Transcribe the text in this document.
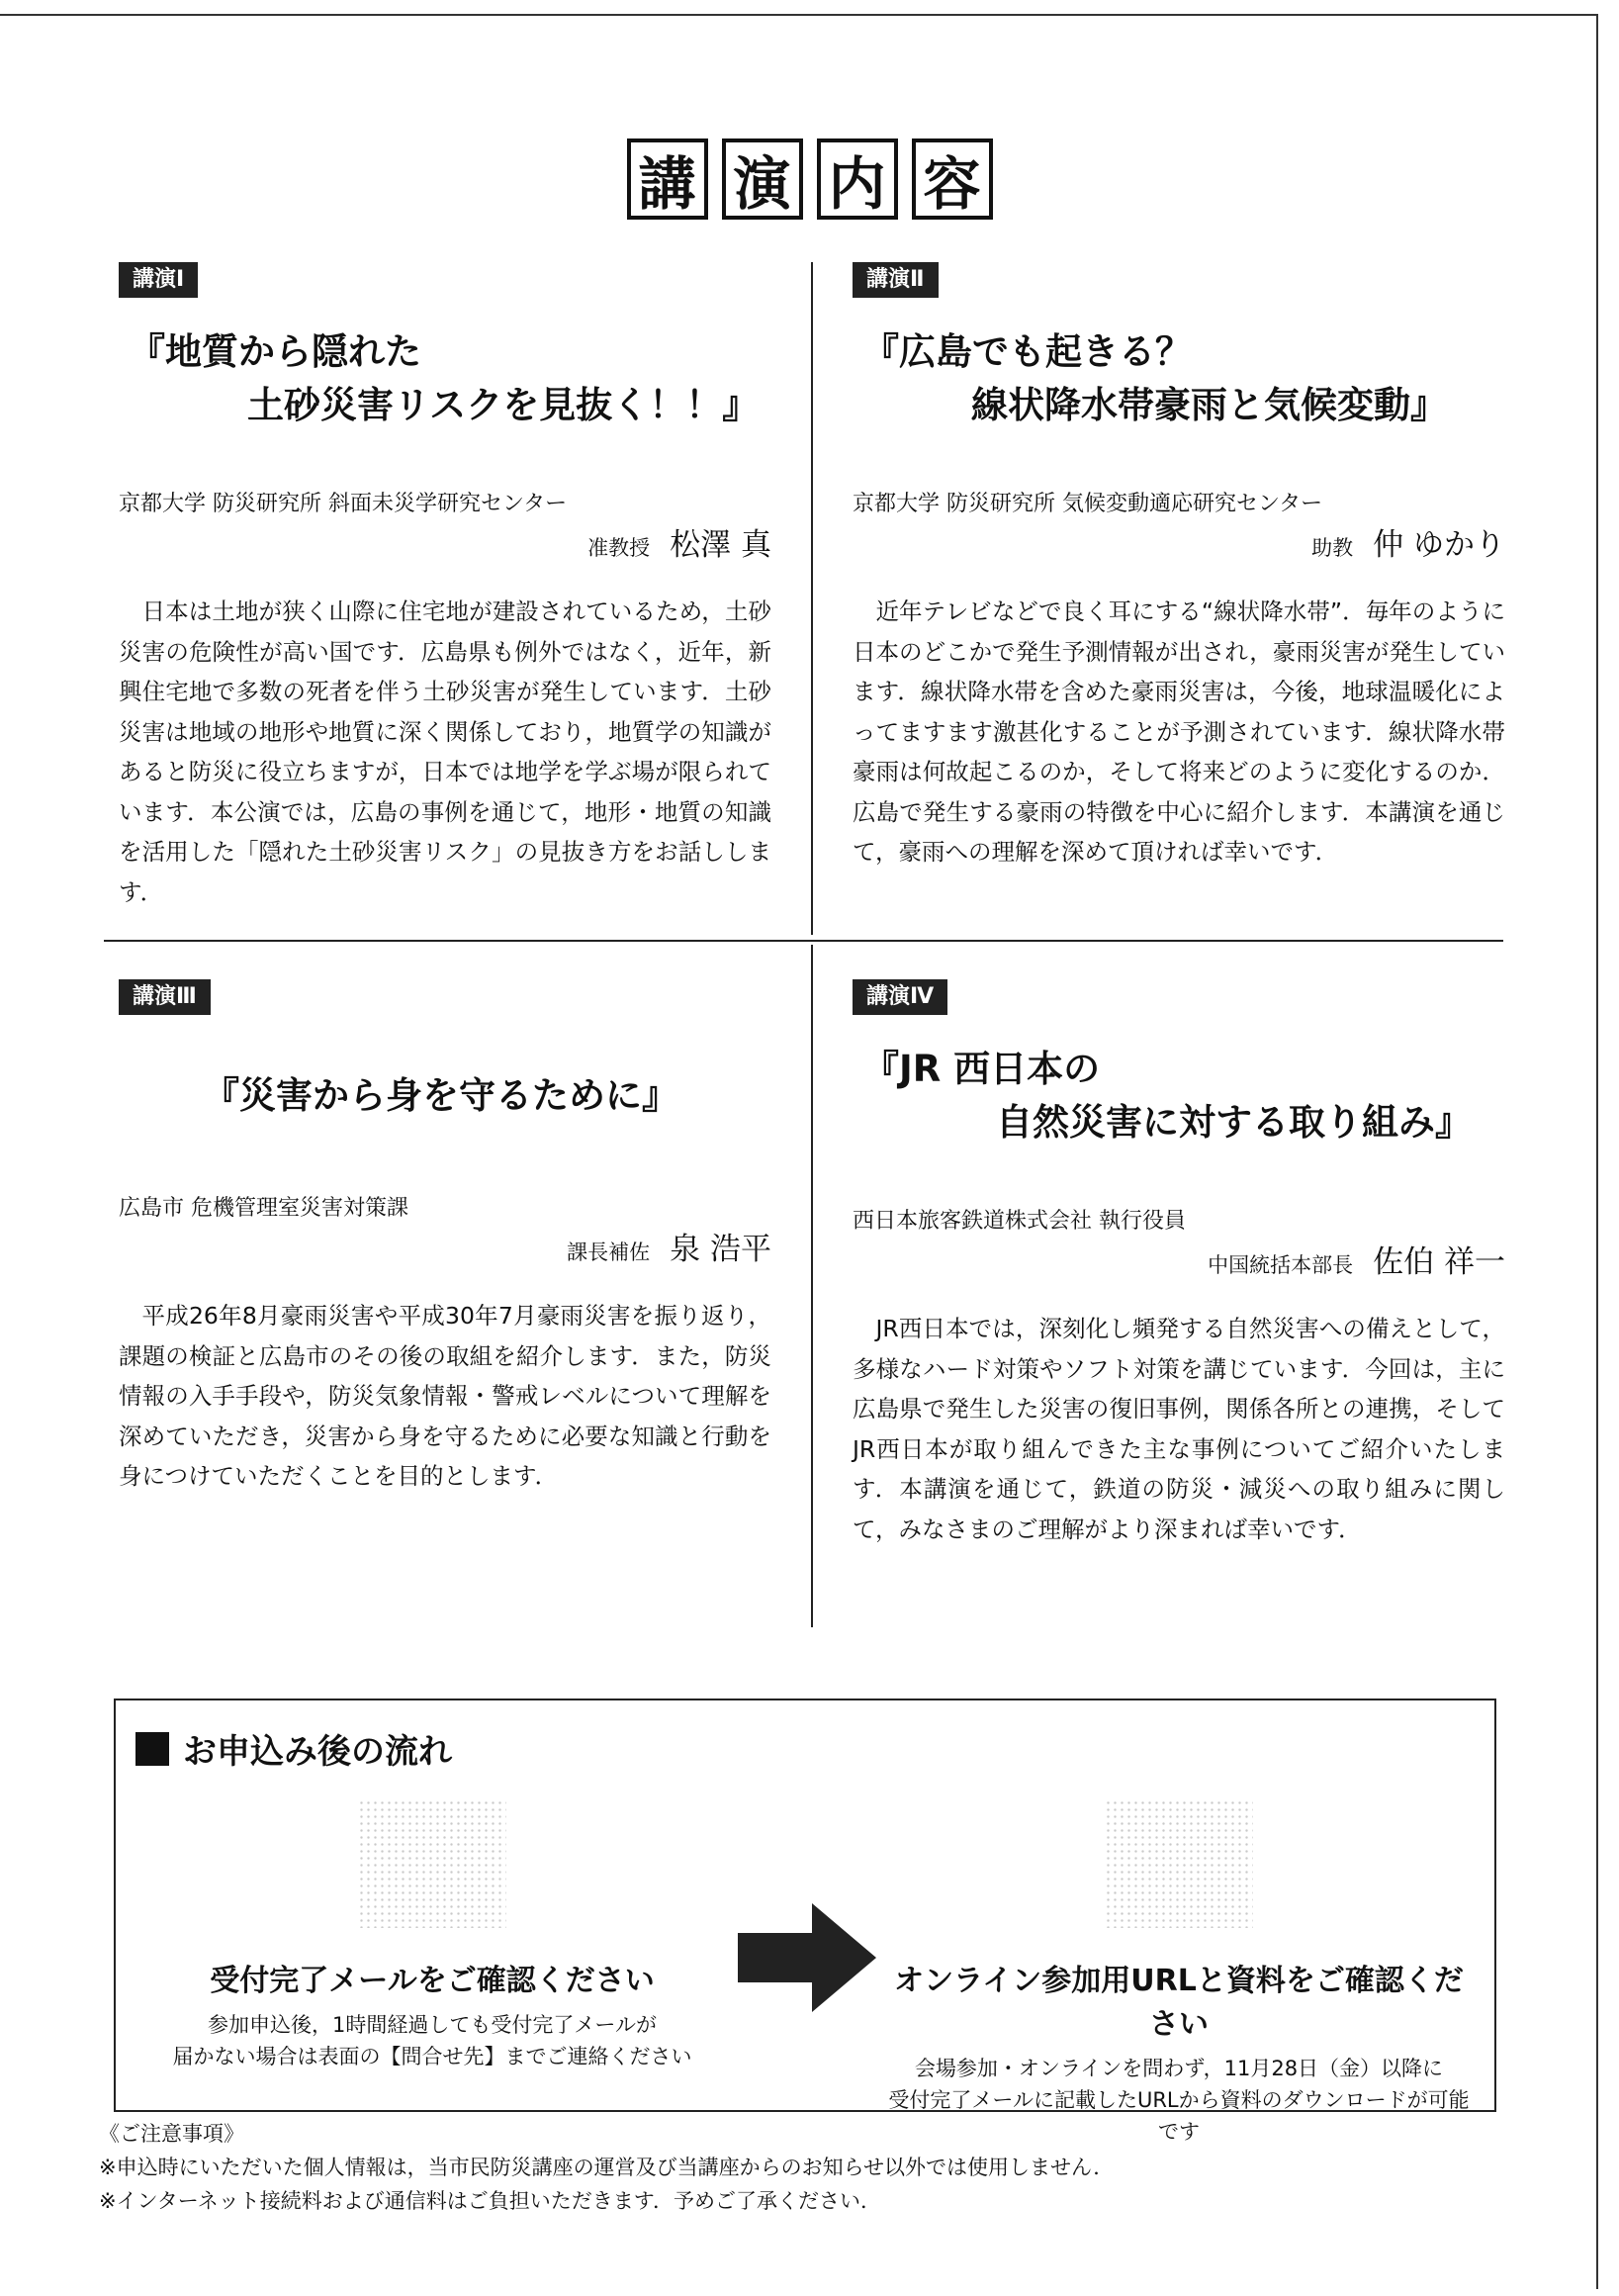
講 演 内 容
講演Ⅰ
『地質から隠れた
土砂災害リスクを見抜く！！』
京都大学 防災研究所 斜面未災学研究センター
准教授 松澤 真
日本は土地が狭く山際に住宅地が建設されているため，土砂災害の危険性が高い国です．広島県も例外ではなく，近年，新興住宅地で多数の死者を伴う土砂災害が発生しています．土砂災害は地域の地形や地質に深く関係しており，地質学の知識があると防災に役立ちますが，日本では地学を学ぶ場が限られています．本公演では，広島の事例を通じて，地形・地質の知識を活用した「隠れた土砂災害リスク」の見抜き方をお話しします．
講演Ⅱ
『広島でも起きる？
線状降水帯豪雨と気候変動』
京都大学 防災研究所 気候変動適応研究センター
助教 仲 ゆかり
近年テレビなどで良く耳にする“線状降水帯”．毎年のように日本のどこかで発生予測情報が出され，豪雨災害が発生しています．線状降水帯を含めた豪雨災害は，今後，地球温暖化によってますます激甚化することが予測されています．線状降水帯豪雨は何故起こるのか，そして将来どのように変化するのか．広島で発生する豪雨の特徴を中心に紹介します．本講演を通じて，豪雨への理解を深めて頂ければ幸いです．
講演Ⅲ
『災害から身を守るために』
広島市 危機管理室災害対策課
課長補佐 泉 浩平
平成26年8月豪雨災害や平成30年7月豪雨災害を振り返り，課題の検証と広島市のその後の取組を紹介します．また，防災情報の入手手段や，防災気象情報・警戒レベルについて理解を深めていただき，災害から身を守るために必要な知識と行動を身につけていただくことを目的とします．
講演Ⅳ
『JR 西日本の
自然災害に対する取り組み』
西日本旅客鉄道株式会社 執行役員
中国統括本部長 佐伯 祥一
JR西日本では，深刻化し頻発する自然災害への備えとして，多様なハード対策やソフト対策を講じています．今回は，主に広島県で発生した災害の復旧事例，関係各所との連携，そしてJR西日本が取り組んできた主な事例についてご紹介いたします．本講演を通じて，鉄道の防災・減災への取り組みに関して，みなさまのご理解がより深まれば幸いです．
お申込み後の流れ
受付完了メールをご確認ください
参加申込後，1時間経過しても受付完了メールが
届かない場合は表面の【問合せ先】までご連絡ください
オンライン参加用URLと資料をご確認ください
会場参加・オンラインを問わず，11月28日（金）以降に
受付完了メールに記載したURLから資料のダウンロードが可能です
《ご注意事項》
※申込時にいただいた個人情報は，当市民防災講座の運営及び当講座からのお知らせ以外では使用しません．
※インターネット接続料および通信料はご負担いただきます．予めご了承ください．
